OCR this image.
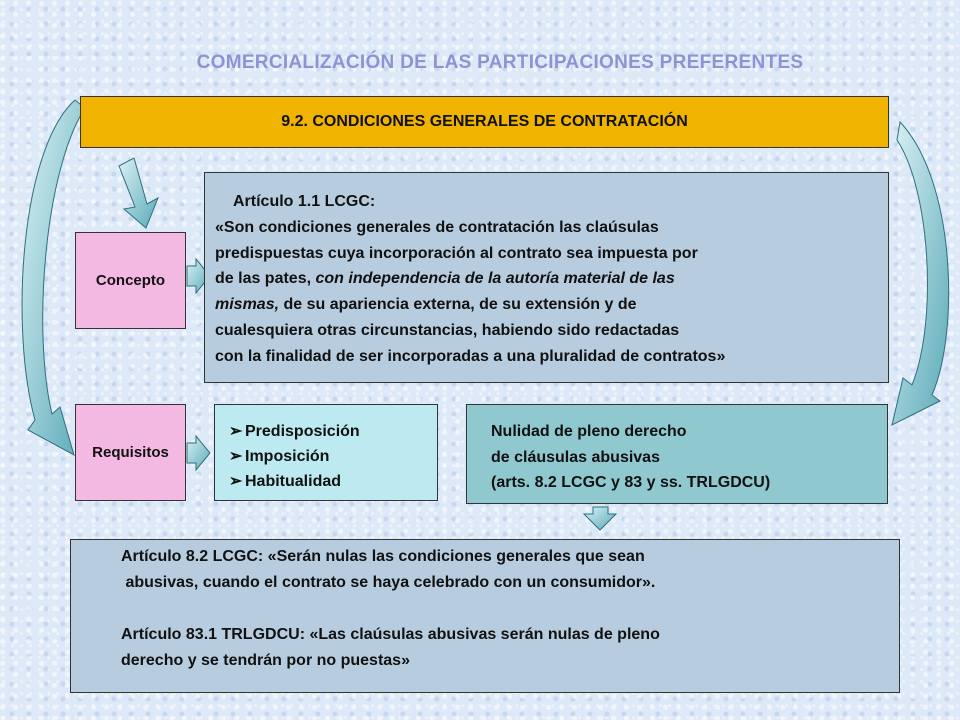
COMERCIALIZACIÓN DE LAS PARTICIPACIONES PREFERENTES
9.2. CONDICIONES GENERALES DE CONTRATACIÓN
Concepto
Requisitos
Artículo 1.1 LCGC:
«Son condiciones generales de contratación las claúsulas
predispuestas cuya incorporación al contrato sea impuesta por
de las pates, con independencia de la autoría material de las
mismas, de su apariencia externa, de su extensión y de
cualesquiera otras circunstancias, habiendo sido redactadas
con la finalidad de ser incorporadas a una pluralidad de contratos»
➢ Predisposición
➢ Imposición
➢ Habitualidad
Nulidad de pleno derecho
de cláusulas abusivas
(arts. 8.2 LCGC y 83 y ss. TRLGDCU)
Artículo 8.2 LCGC: «Serán nulas las condiciones generales que sean
abusivas, cuando el contrato se haya celebrado con un consumidor».

Artículo 83.1 TRLGDCU: «Las claúsulas abusivas serán nulas de pleno
derecho y se tendrán por no puestas»
